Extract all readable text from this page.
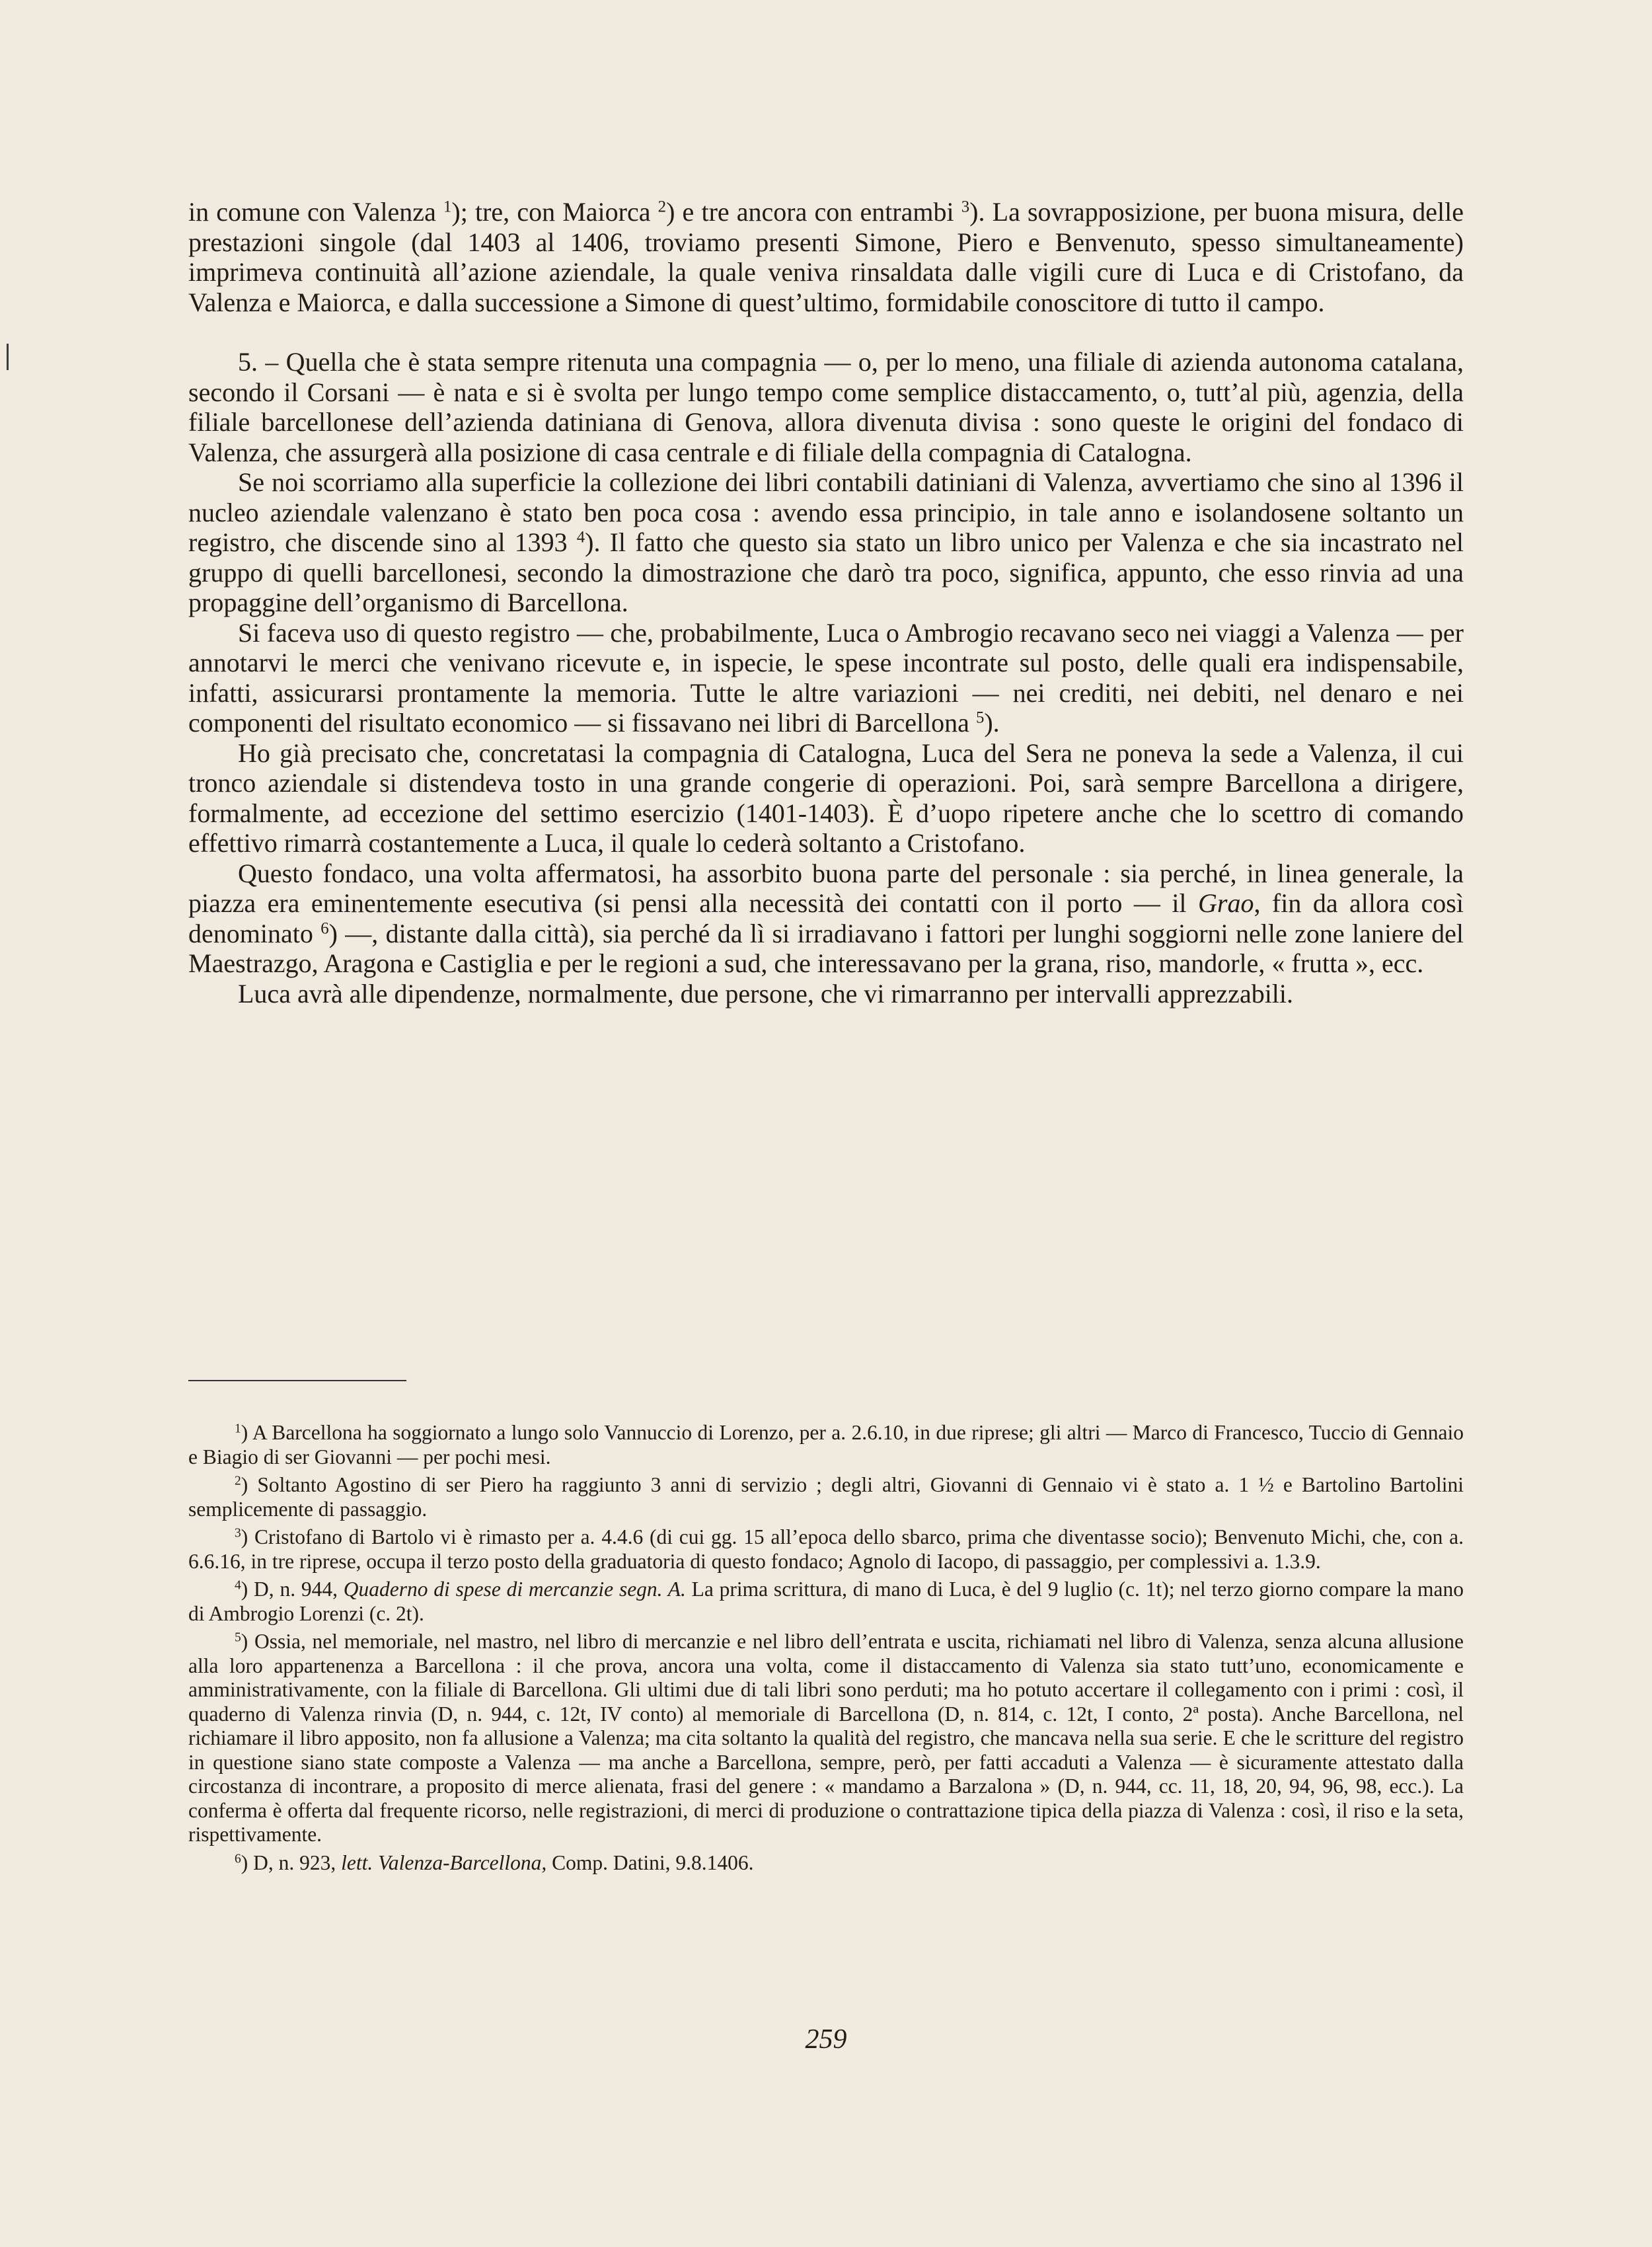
in comune con Valenza $^1$); tre, con Maiorca $^2$) e tre ancora con entrambi $^3$). La sovrapposizione, per buona misura, delle prestazioni singole (dal 1403 al 1406, troviamo presenti Simone, Piero e Benvenuto, spesso simultaneamente) imprimeva continuità all’azione aziendale, la quale veniva rinsaldata dalle vigili cure di Luca e di Cristofano, da Valenza e Maiorca, e dalla successione a Simone di quest’ultimo, formidabile conoscitore di tutto il campo.

5. – Quella che è stata sempre ritenuta una compagnia — o, per lo meno, una filiale di azienda autonoma catalana, secondo il Corsani — è nata e si è svolta per lungo tempo come semplice distaccamento, o, tutt’al più, agenzia, della filiale barcellonese dell’azienda datiniana di Genova, allora divenuta divisa : sono queste le origini del fondaco di Valenza, che assurgerà alla posizione di casa centrale e di filiale della compagnia di Catalogna.

Se noi scorriamo alla superficie la collezione dei libri contabili datiniani di Valenza, avvertiamo che sino al 1396 il nucleo aziendale valenzano è stato ben poca cosa : avendo essa principio, in tale anno e isolandosene soltanto un registro, che discende sino al 1393 $^4$). Il fatto che questo sia stato un libro unico per Valenza e che sia incastrato nel gruppo di quelli barcellonesi, secondo la dimostrazione che darò tra poco, significa, appunto, che esso rinvia ad una propaggine dell’organismo di Barcellona.

Si faceva uso di questo registro — che, probabilmente, Luca o Ambrogio recavano seco nei viaggi a Valenza — per annotarvi le merci che venivano ricevute e, in ispecie, le spese incontrate sul posto, delle quali era indispensabile, infatti, assicurarsi prontamente la memoria. Tutte le altre variazioni — nei crediti, nei debiti, nel denaro e nei componenti del risultato economico — si fissavano nei libri di Barcellona $^5$).

Ho già precisato che, concretatasi la compagnia di Catalogna, Luca del Sera ne poneva la sede a Valenza, il cui tronco aziendale si distendeva tosto in una grande congerie di operazioni. Poi, sarà sempre Barcellona a dirigere, formalmente, ad eccezione del settimo esercizio (1401-1403). È d’uopo ripetere anche che lo scettro di comando effettivo rimarrà costantemente a Luca, il quale lo cederà soltanto a Cristofano.

Questo fondaco, una volta affermatosi, ha assorbito buona parte del personale : sia perché, in linea generale, la piazza era eminentemente esecutiva (si pensi alla necessità dei contatti con il porto — il Grao, fin da allora così denominato $^6$) —, distante dalla città), sia perché da lì si irradiavano i fattori per lunghi soggiorni nelle zone laniere del Maestrazgo, Aragona e Castiglia e per le regioni a sud, che interessavano per la grana, riso, mandorle, « frutta », ecc.

Luca avrà alle dipendenze, normalmente, due persone, che vi rimarranno per intervalli apprezzabili.

$^1$) A Barcellona ha soggiornato a lungo solo Vannuccio di Lorenzo, per a. 2.6.10, in due riprese; gli altri — Marco di Francesco, Tuccio di Gennaio e Biagio di ser Giovanni — per pochi mesi.

$^2$) Soltanto Agostino di ser Piero ha raggiunto 3 anni di servizio ; degli altri, Giovanni di Gennaio vi è stato a. 1 ½ e Bartolino Bartolini semplicemente di passaggio.

$^3$) Cristofano di Bartolo vi è rimasto per a. 4.4.6 (di cui gg. 15 all’epoca dello sbarco, prima che diventasse socio); Benvenuto Michi, che, con a. 6.6.16, in tre riprese, occupa il terzo posto della graduatoria di questo fondaco; Agnolo di Iacopo, di passaggio, per complessivi a. 1.3.9.

$^4$) D, n. 944, Quaderno di spese di mercanzie segn. A. La prima scrittura, di mano di Luca, è del 9 luglio (c. 1t); nel terzo giorno compare la mano di Ambrogio Lorenzi (c. 2t).

$^5$) Ossia, nel memoriale, nel mastro, nel libro di mercanzie e nel libro dell’entrata e uscita, richiamati nel libro di Valenza, senza alcuna allusione alla loro appartenenza a Barcellona : il che prova, ancora una volta, come il distaccamento di Valenza sia stato tutt’uno, economicamente e amministrativamente, con la filiale di Barcellona. Gli ultimi due di tali libri sono perduti; ma ho potuto accertare il collegamento con i primi : così, il quaderno di Valenza rinvia (D, n. 944, c. 12t, IV conto) al memoriale di Barcellona (D, n. 814, c. 12t, I conto, 2ª posta). Anche Barcellona, nel richiamare il libro apposito, non fa allusione a Valenza; ma cita soltanto la qualità del registro, che mancava nella sua serie. E che le scritture del registro in questione siano state composte a Valenza — ma anche a Barcellona, sempre, però, per fatti accaduti a Valenza — è sicuramente attestato dalla circostanza di incontrare, a proposito di merce alienata, frasi del genere : « mandamo a Barzalona » (D, n. 944, cc. 11, 18, 20, 94, 96, 98, ecc.). La conferma è offerta dal frequente ricorso, nelle registrazioni, di merci di produzione o contrattazione tipica della piazza di Valenza : così, il riso e la seta, rispettivamente.

$^6$) D, n. 923, lett. Valenza-Barcellona, Comp. Datini, 9.8.1406.

259
